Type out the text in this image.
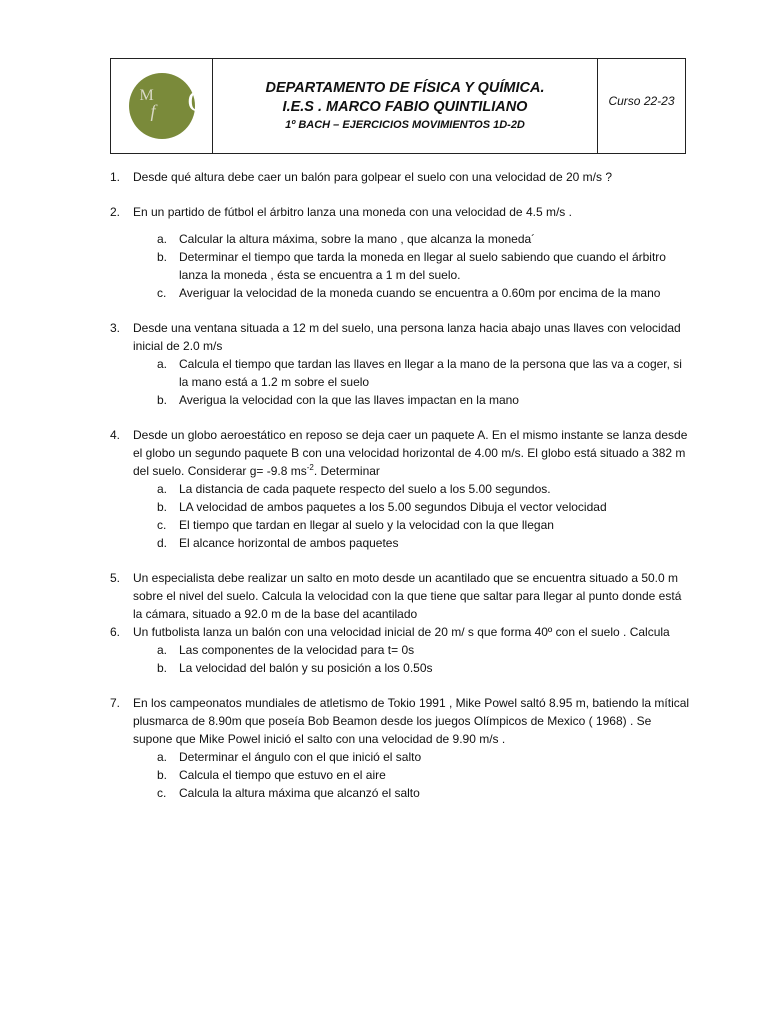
M
f	Q	DEPARTAMENTO DE FÍSICA Y QUÍMICA.
I.E.S . MARCO FABIO QUINTILIANO
1º BACH – EJERCICIOS MOVIMIENTOS 1D-2D
Curso 22-23
1. Desde qué altura debe caer un balón para golpear el suelo con una velocidad de 20 m/s ?
2. En un partido de fútbol el árbitro lanza una moneda con una velocidad de 4.5 m/s .
a. Calcular la altura máxima, sobre la mano , que alcanza la moneda´
b. Determinar el tiempo que tarda la moneda en llegar al suelo sabiendo que cuando el árbitro lanza la moneda , ésta se encuentra a 1 m del suelo.
c. Averiguar la velocidad de la moneda cuando se encuentra a 0.60m por encima de la mano
3. Desde una ventana situada a 12 m del suelo, una persona lanza hacia abajo unas llaves con velocidad inicial de 2.0 m/s
a. Calcula el tiempo que tardan las llaves en llegar a la mano de la persona que las va a coger, si la mano está a 1.2 m sobre el suelo
b. Averigua la velocidad con la que las llaves impactan en la mano
4. Desde un globo aeroestático en reposo se deja caer un paquete A. En el mismo instante se lanza desde el globo un segundo paquete B con una velocidad horizontal de 4.00 m/s. El globo está situado a 382 m del suelo. Considerar g= -9.8 $ms^{-2}$. Determinar
a. La distancia de cada paquete respecto del suelo a los 5.00 segundos.
b. LA velocidad de ambos paquetes a los 5.00 segundos Dibuja el vector velocidad
c. El tiempo que tardan en llegar al suelo y la velocidad con la que llegan
d. El alcance horizontal de ambos paquetes
5. Un especialista debe realizar un salto en moto desde un acantilado que se encuentra situado a 50.0 m sobre el nivel del suelo. Calcula la velocidad con la que tiene que saltar para llegar al punto donde está la cámara, situado a 92.0 m de la base del acantilado
6. Un futbolista lanza un balón con una velocidad inicial de 20 m/ s que forma 40º con el suelo . Calcula
a. Las componentes de la velocidad para t= 0s
b. La velocidad del balón y su posición a los 0.50s
7. En los campeonatos mundiales de atletismo de Tokio 1991 , Mike Powel saltó 8.95 m, batiendo la mítical plusmarca de 8.90m que poseía Bob Beamon desde los juegos Olímpicos de Mexico ( 1968) . Se supone que Mike Powel inició el salto con una velocidad de 9.90 m/s .
a. Determinar el ángulo con el que inició el salto
b. Calcula el tiempo que estuvo en el aire
c. Calcula la altura máxima que alcanzó el salto
